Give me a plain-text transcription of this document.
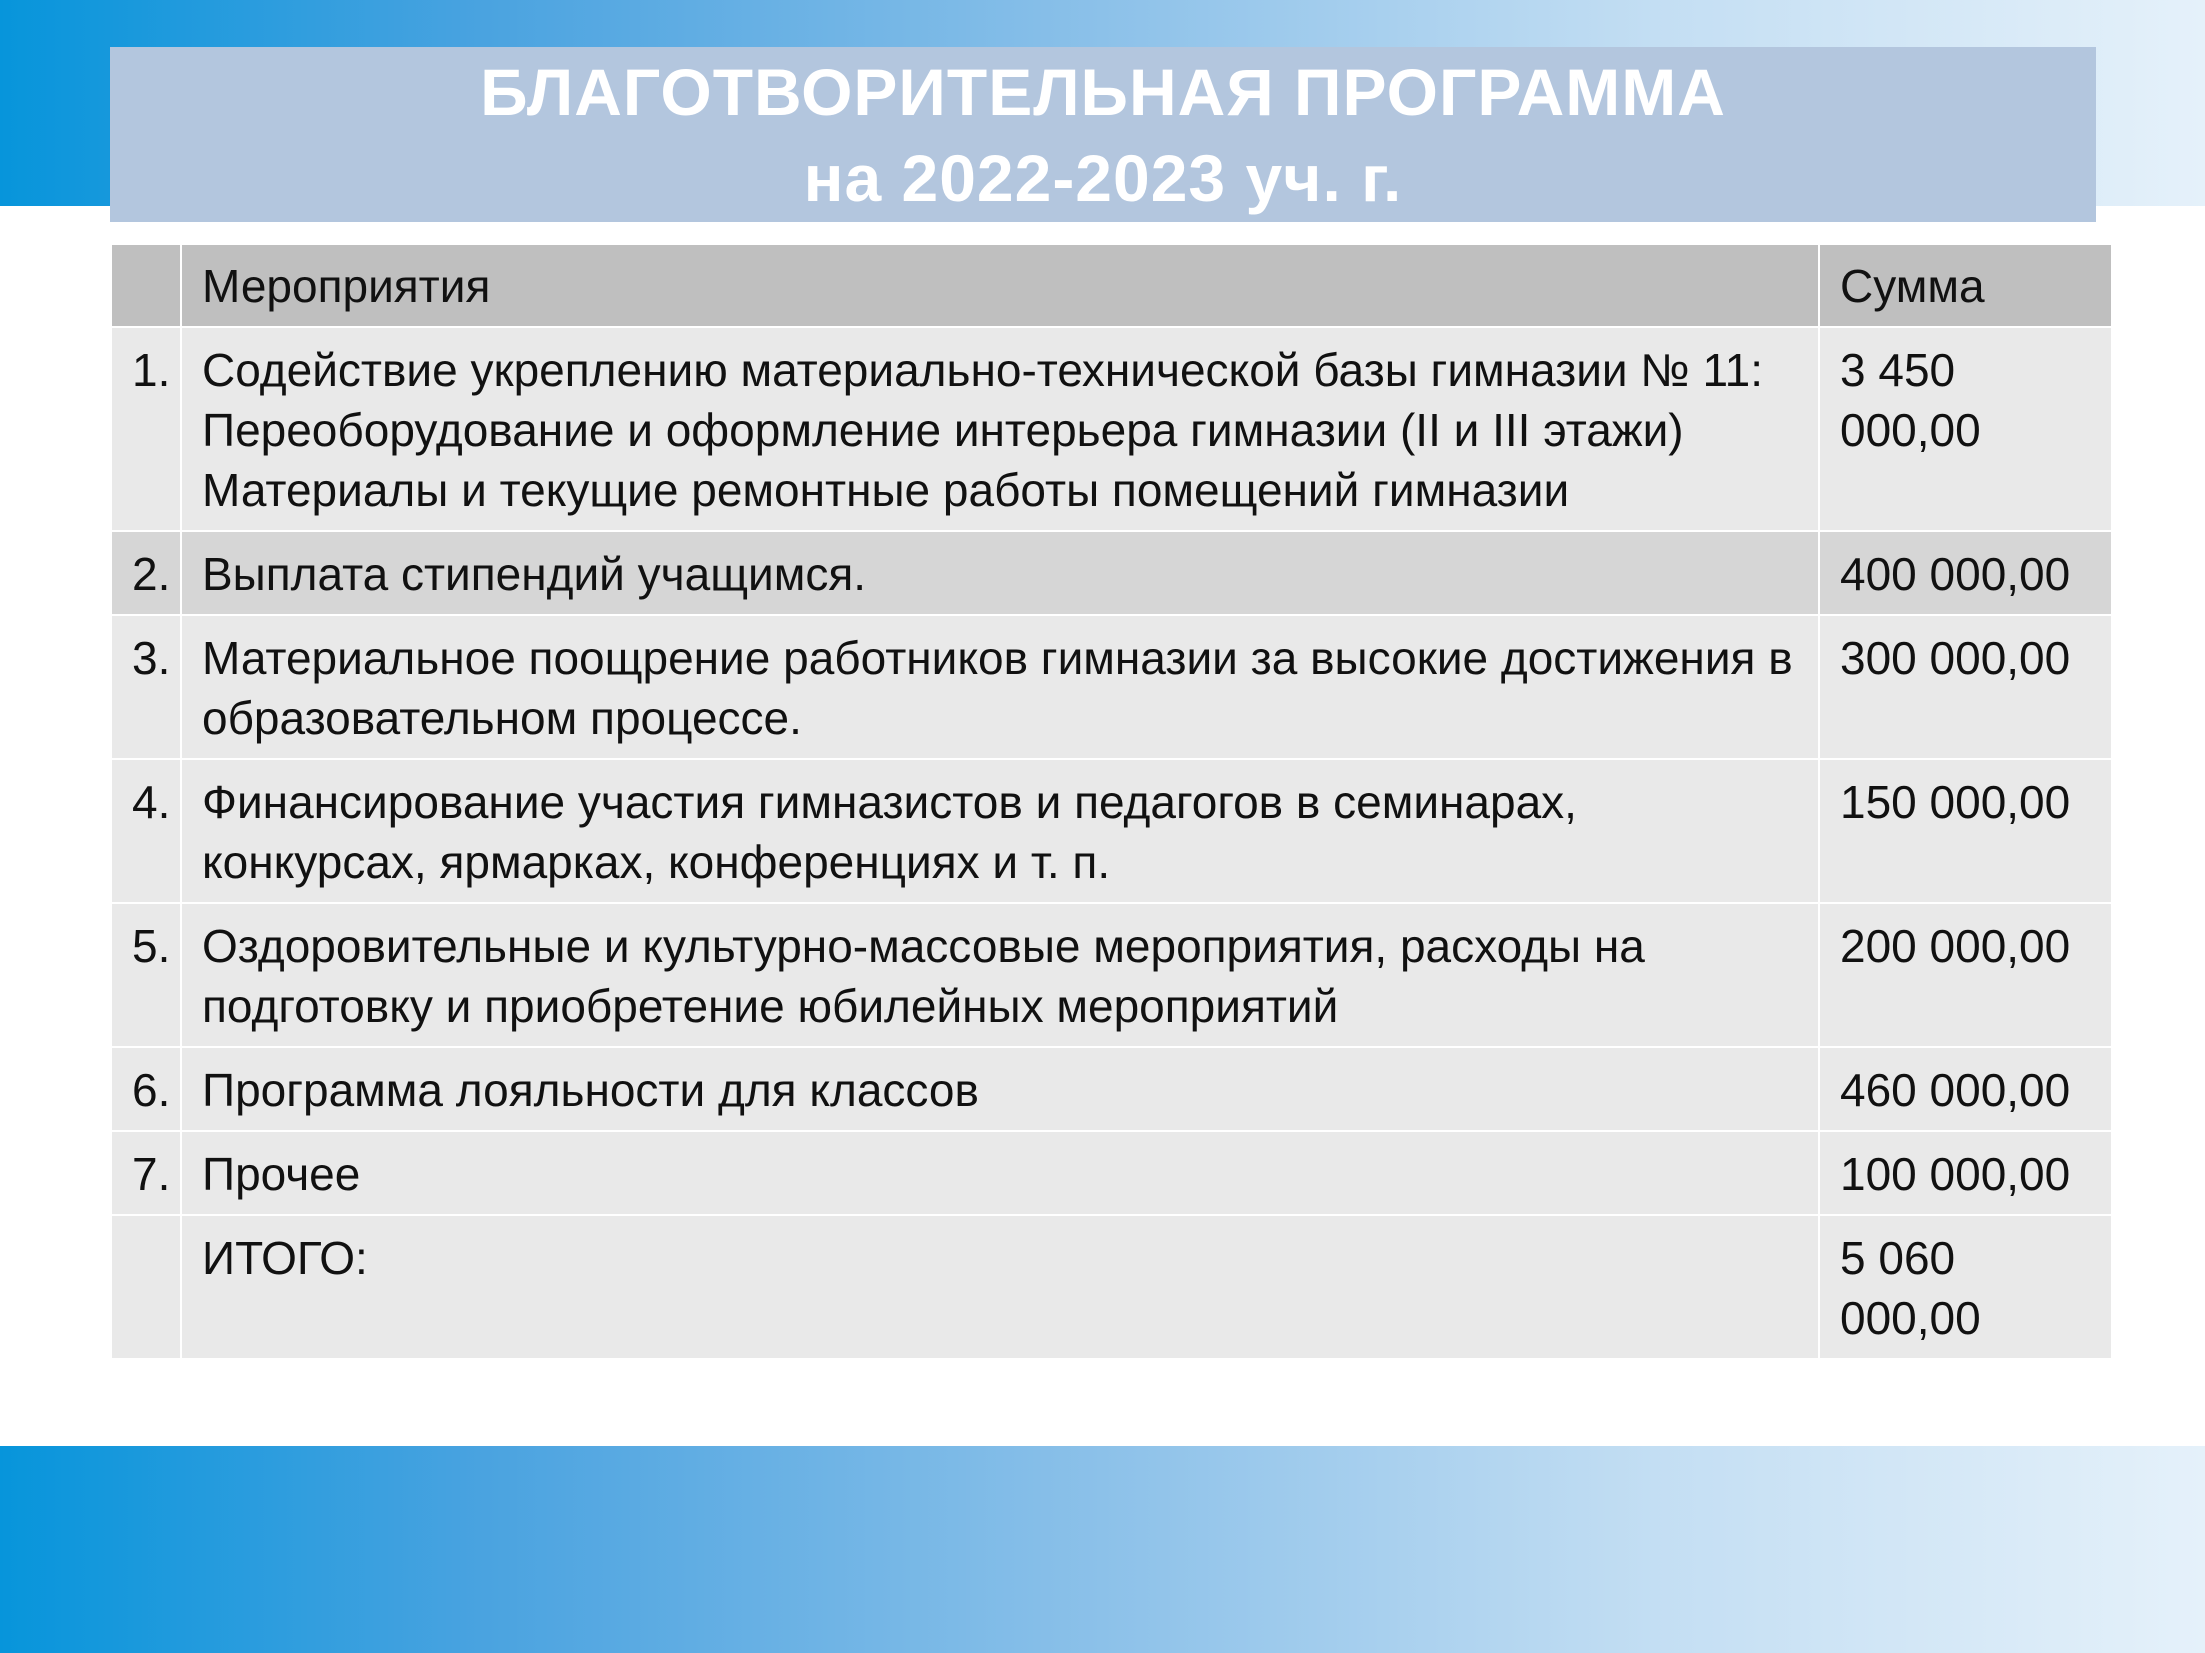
БЛАГОТВОРИТЕЛЬНАЯ ПРОГРАММА
на 2022-2023 уч. г.
	Мероприятия	Сумма
1.	Содействие укреплению материально-технической базы гимназии № 11:
Переоборудование и оформление интерьера гимназии (II и III этажи)
Материалы и текущие ремонтные работы помещений гимназии	3 450 000,00
2.	Выплата стипендий учащимся.	400 000,00
3.	Материальное поощрение работников гимназии за высокие достижения в образовательном процессе.	300 000,00
4.	Финансирование участия гимназистов и педагогов в семинарах, конкурсах, ярмарках, конференциях и т. п.	150 000,00
5.	Оздоровительные и культурно-массовые мероприятия, расходы на подготовку и приобретение юбилейных мероприятий	200 000,00
6.	Программа лояльности для классов	460 000,00
7.	Прочее	100 000,00
	ИТОГО:	5 060 000,00
